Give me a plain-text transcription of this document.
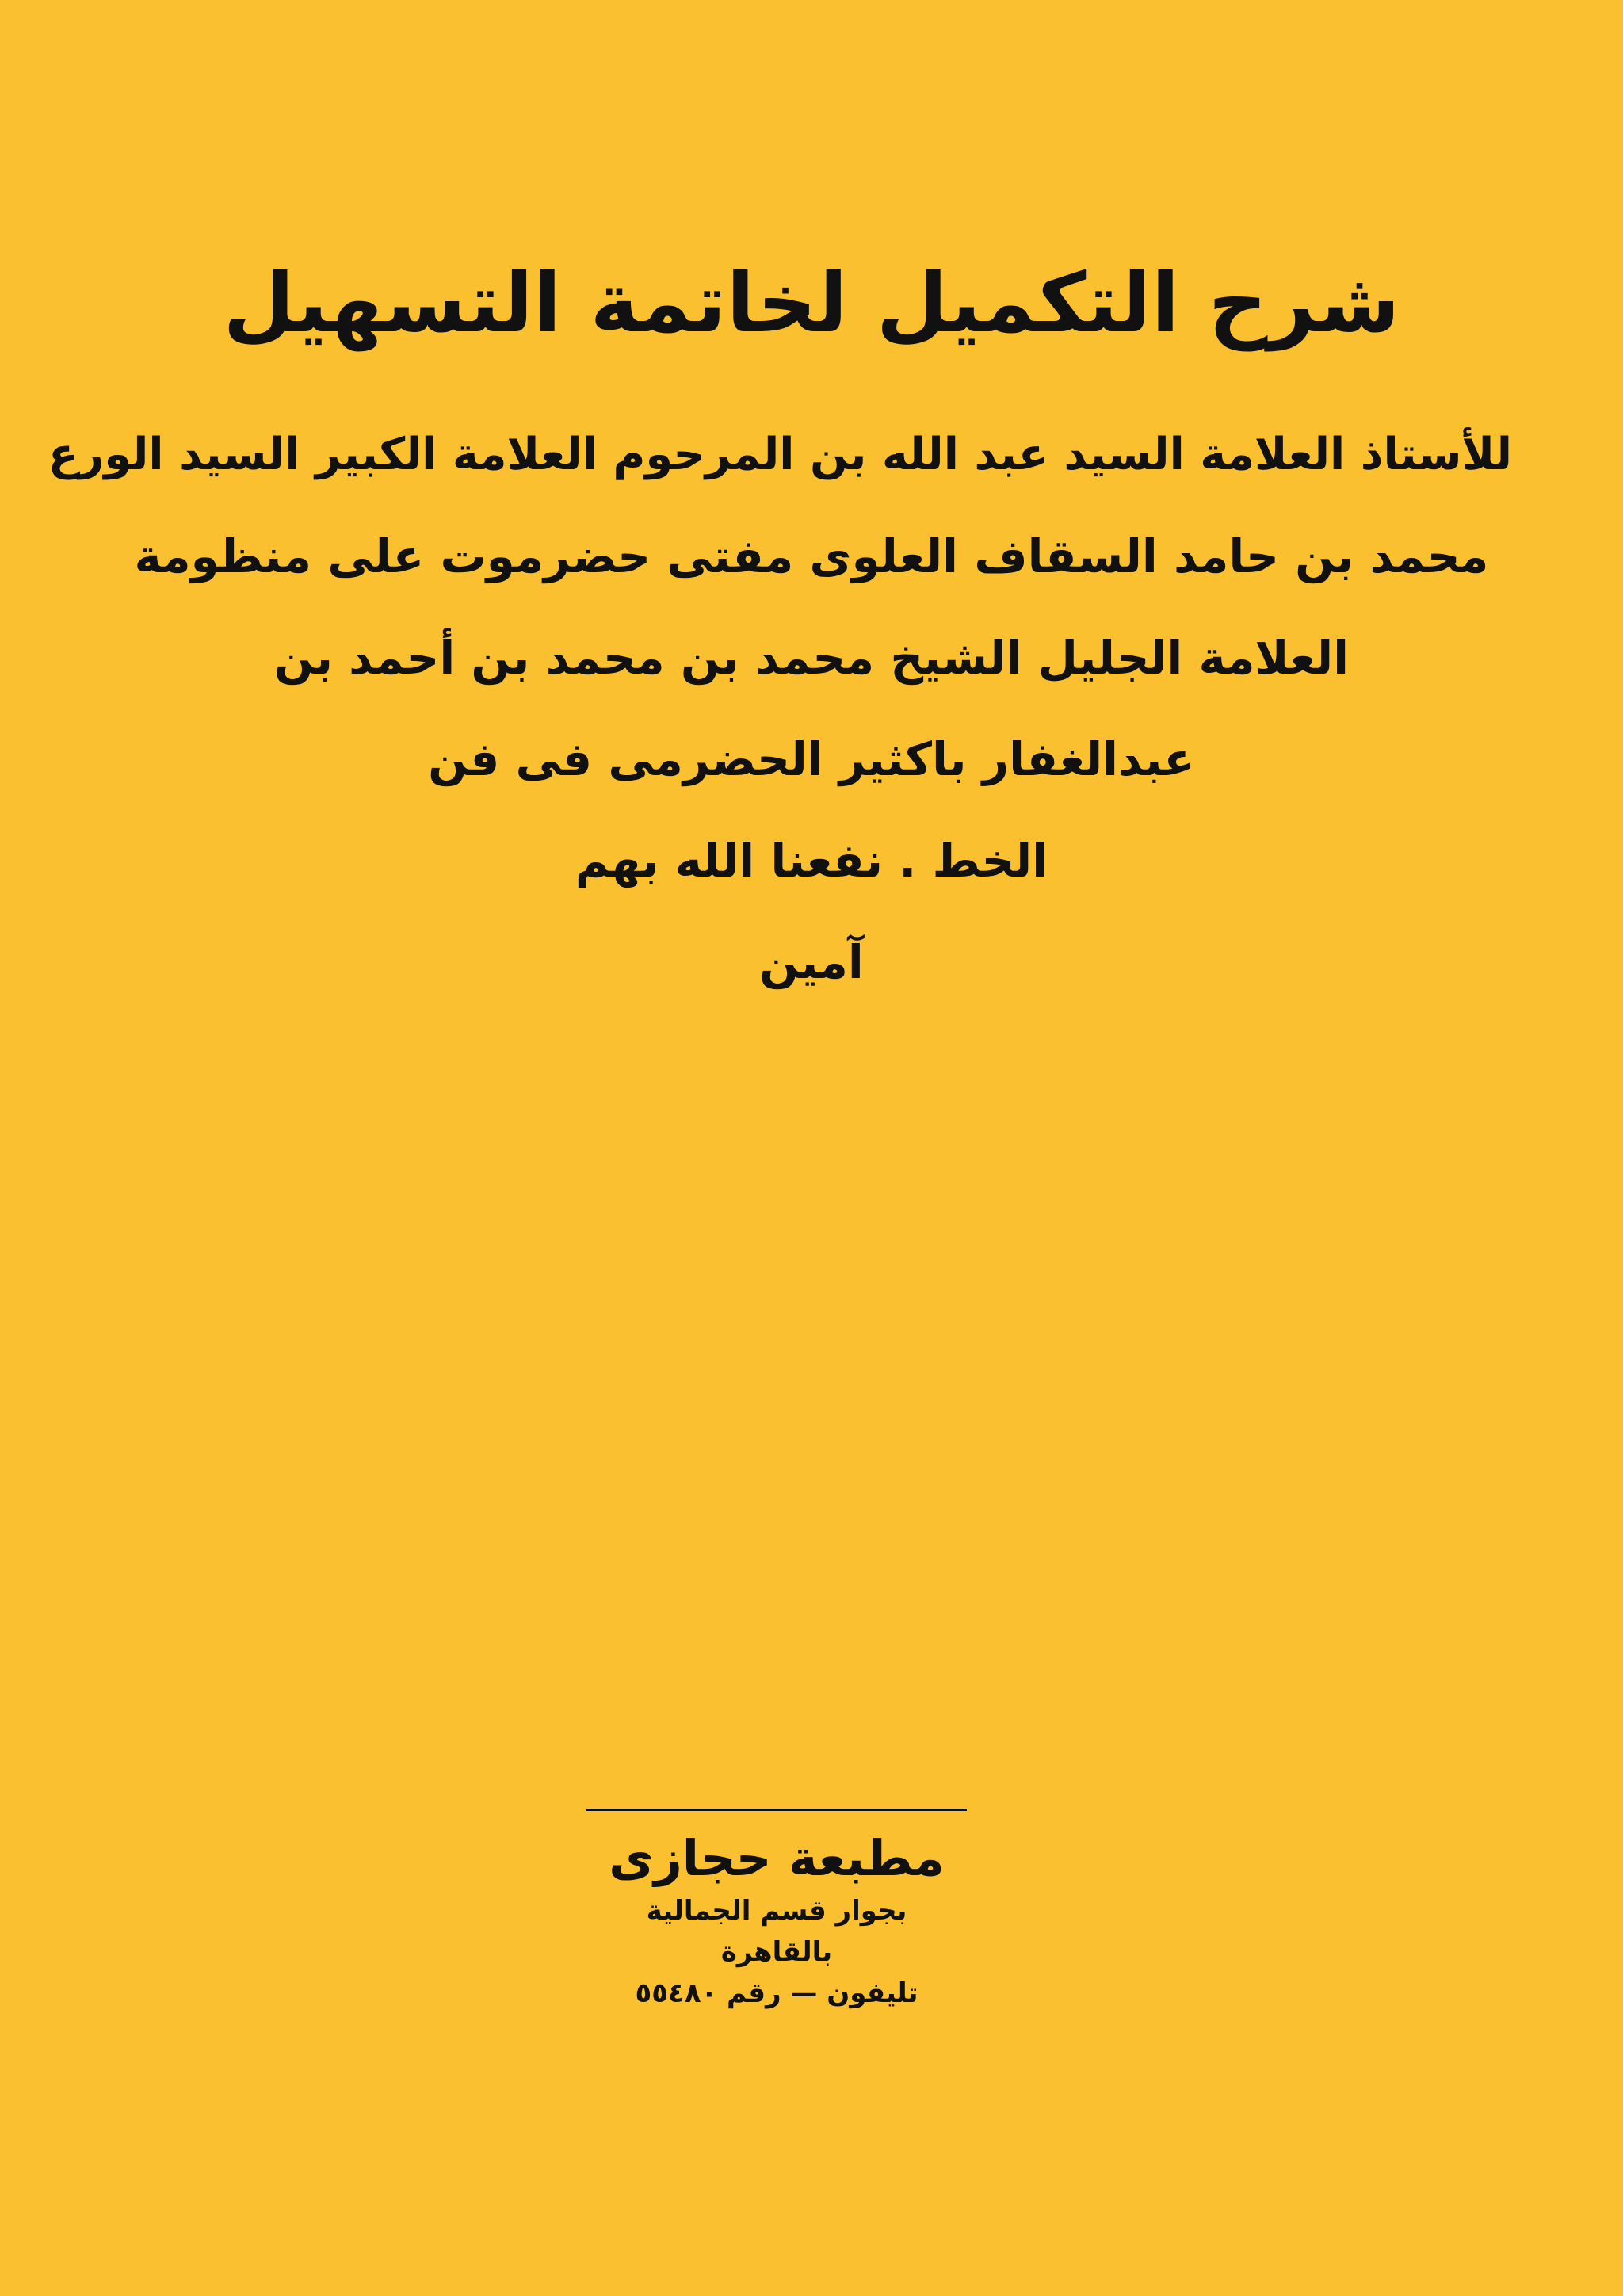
شرح التكميل لخاتمة التسهيل
للأستاذ العلامة السيد عبد الله بن المرحوم العلامة الكبير السيد الورع
محمد بن حامد السقاف العلوى مفتى حضرموت على منظومة
العلامة الجليل الشيخ محمد بن محمد بن أحمد بن
عبدالغفار باكثير الحضرمى فى فن
الخط . نفعنا الله بهم
آمين
مطبعة حجازى
بجوار قسم الجمالية بالقاهرة
تليفون — رقم ٥٥٤٨٠
